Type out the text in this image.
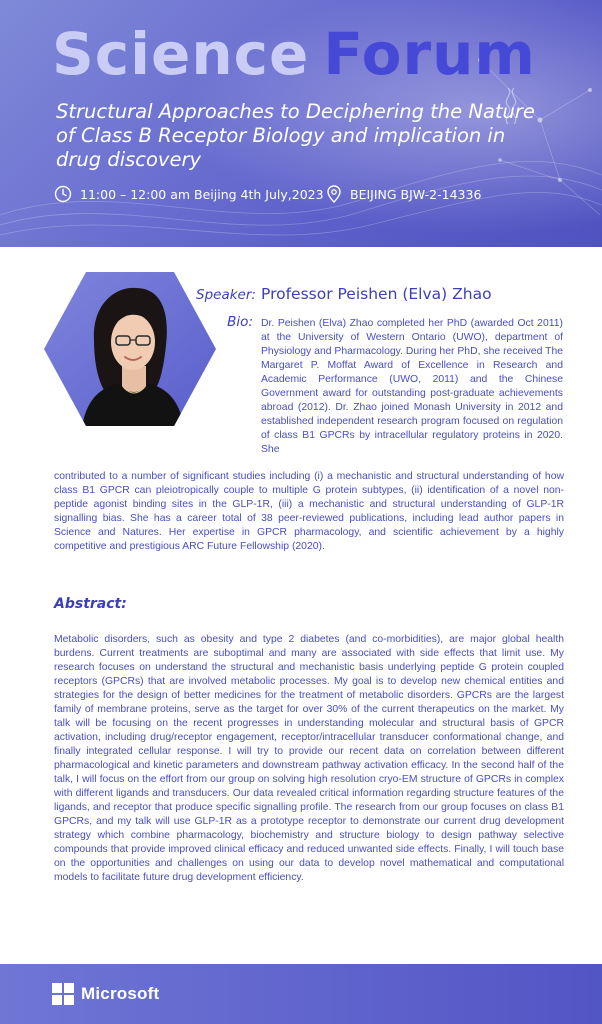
Science Forum

Structural Approaches to Deciphering the Nature of Class B Receptor Biology and implication in drug discovery

11:00 – 12:00 am Beijing 4th July,2023 BEIJING BJW-2-14336
Speaker: Professor Peishen (Elva) Zhao
Bio: Dr. Peishen (Elva) Zhao completed her PhD (awarded Oct 2011) at the University of Western Ontario (UWO), department of Physiology and Pharmacology. During her PhD, she received The Margaret P. Moffat Award of Excellence in Research and Academic Performance (UWO, 2011) and the Chinese Government award for outstanding post-graduate achievements abroad (2012). Dr. Zhao joined Monash University in 2012 and established independent research program focused on regulation of class B1 GPCRs by intracellular regulatory proteins in 2020. She

contributed to a number of significant studies including (i) a mechanistic and structural understanding of how class B1 GPCR can pleiotropically couple to multiple G protein subtypes, (ii) identification of a novel non-peptide agonist binding sites in the GLP-1R, (iii) a mechanistic and structural understanding of GLP-1R signalling bias. She has a career total of 38 peer-reviewed publications, including lead author papers in Science and Natures. Her expertise in GPCR pharmacology, and scientific achievement by a highly competitive and prestigious ARC Future Fellowship (2020).

Abstract:

Metabolic disorders, such as obesity and type 2 diabetes (and co-morbidities), are major global health burdens. Current treatments are suboptimal and many are associated with side effects that limit use. My research focuses on understand the structural and mechanistic basis underlying peptide G protein coupled receptors (GPCRs) that are involved metabolic processes. My goal is to develop new chemical entities and strategies for the design of better medicines for the treatment of metabolic disorders. GPCRs are the largest family of membrane proteins, serve as the target for over 30% of the current therapeutics on the market. My talk will be focusing on the recent progresses in understanding molecular and structural basis of GPCR activation, including drug/receptor engagement, receptor/intracellular transducer conformational change, and finally integrated cellular response. I will try to provide our recent data on correlation between different pharmacological and kinetic parameters and downstream pathway activation efficacy. In the second half of the talk, I will focus on the effort from our group on solving high resolution cryo-EM structure of GPCRs in complex with different ligands and transducers. Our data revealed critical information regarding structure features of the ligands, and receptor that produce specific signalling profile. The research from our group focuses on class B1 GPCRs, and my talk will use GLP-1R as a prototype receptor to demonstrate our current drug development strategy which combine pharmacology, biochemistry and structure biology to design pathway selective compounds that provide improved clinical efficacy and reduced unwanted side effects. Finally, I will touch base on the opportunities and challenges on using our data to develop novel mathematical and computational models to facilitate future drug development efficiency.

Microsoft
